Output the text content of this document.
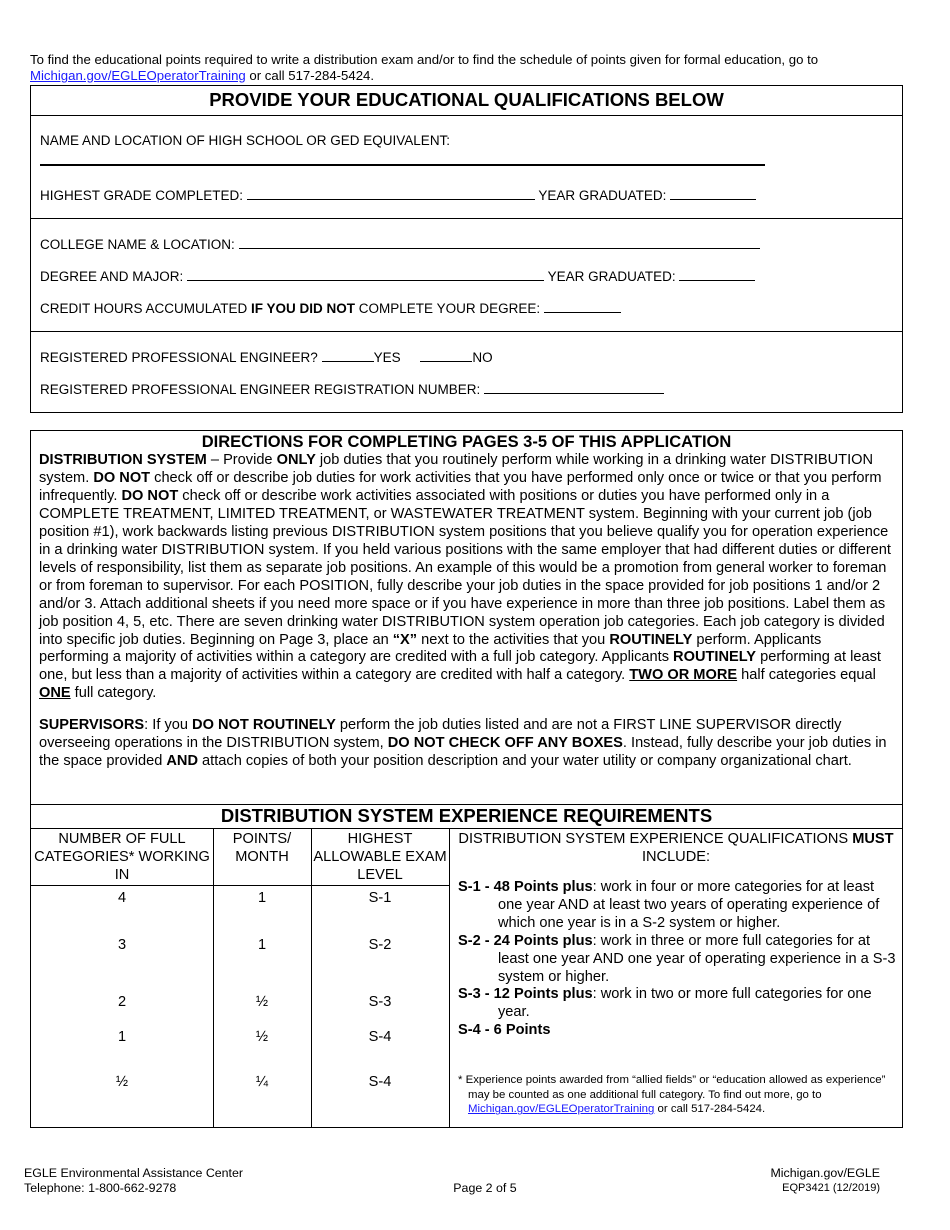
To find the educational points required to write a distribution exam and/or to find the schedule of points given for formal education, go to
Michigan.gov/EGLEOperatorTraining or call 517-284-5424.
PROVIDE YOUR EDUCATIONAL QUALIFICATIONS BELOW
NAME AND LOCATION OF HIGH SCHOOL OR GED EQUIVALENT:
HIGHEST GRADE COMPLETED:	YEAR GRADUATED:
COLLEGE NAME & LOCATION:
DEGREE AND MAJOR:	YEAR GRADUATED:
CREDIT HOURS ACCUMULATED IF YOU DID NOT COMPLETE YOUR DEGREE:
REGISTERED PROFESSIONAL ENGINEER?	YES	NO
REGISTERED PROFESSIONAL ENGINEER REGISTRATION NUMBER:
DIRECTIONS FOR COMPLETING PAGES 3-5 OF THIS APPLICATION

DISTRIBUTION SYSTEM – Provide ONLY job duties that you routinely perform while working in a drinking water DISTRIBUTION system. DO NOT check off or describe job duties for work activities that you have performed only once or twice or that you perform infrequently. DO NOT check off or describe work activities associated with positions or duties you have performed only in a COMPLETE TREATMENT, LIMITED TREATMENT, or WASTEWATER TREATMENT system. Beginning with your current job (job position #1), work backwards listing previous DISTRIBUTION system positions that you believe qualify you for operation experience in a drinking water DISTRIBUTION system. If you held various positions with the same employer that had different duties or different levels of responsibility, list them as separate job positions. An example of this would be a promotion from general worker to foreman or from foreman to supervisor. For each POSITION, fully describe your job duties in the space provided for job positions 1 and/or 2 and/or 3. Attach additional sheets if you need more space or if you have experience in more than three job positions. Label them as job position 4, 5, etc. There are seven drinking water DISTRIBUTION system operation job categories. Each job category is divided into specific job duties. Beginning on Page 3, place an “X” next to the activities that you ROUTINELY perform. Applicants performing a majority of activities within a category are credited with a full job category. Applicants ROUTINELY performing at least one, but less than a majority of activities within a category are credited with half a category. TWO OR MORE half categories equal ONE full category.

SUPERVISORS: If you DO NOT ROUTINELY perform the job duties listed and are not a FIRST LINE SUPERVISOR directly overseeing operations in the DISTRIBUTION system, DO NOT CHECK OFF ANY BOXES. Instead, fully describe your job duties in the space provided AND attach copies of both your position description and your water utility or company organizational chart.

DISTRIBUTION SYSTEM EXPERIENCE REQUIREMENTS
NUMBER OF FULL CATEGORIES* WORKING IN
POINTS/ MONTH
HIGHEST ALLOWABLE EXAM LEVEL
DISTRIBUTION SYSTEM EXPERIENCE QUALIFICATIONS MUST INCLUDE:
4	1	S-1
3	1	S-2
2	½	S-3
1	½	S-4
½	¼	S-4
S-1 - 48 Points plus: work in four or more categories for at least one year AND at least two years of operating experience of which one year is in a S-2 system or higher.
S-2 - 24 Points plus: work in three or more full categories for at least one year AND one year of operating experience in a S-3 system or higher.
S-3 - 12 Points plus: work in two or more full categories for one year.
S-4 - 6 Points
* Experience points awarded from “allied fields” or “education allowed as experience” may be counted as one additional full category. To find out more, go to Michigan.gov/EGLEOperatorTraining or call 517-284-5424.
EGLE Environmental Assistance Center
Telephone: 1-800-662-9278	Page 2 of 5
Michigan.gov/EGLE
EQP3421 (12/2019)
